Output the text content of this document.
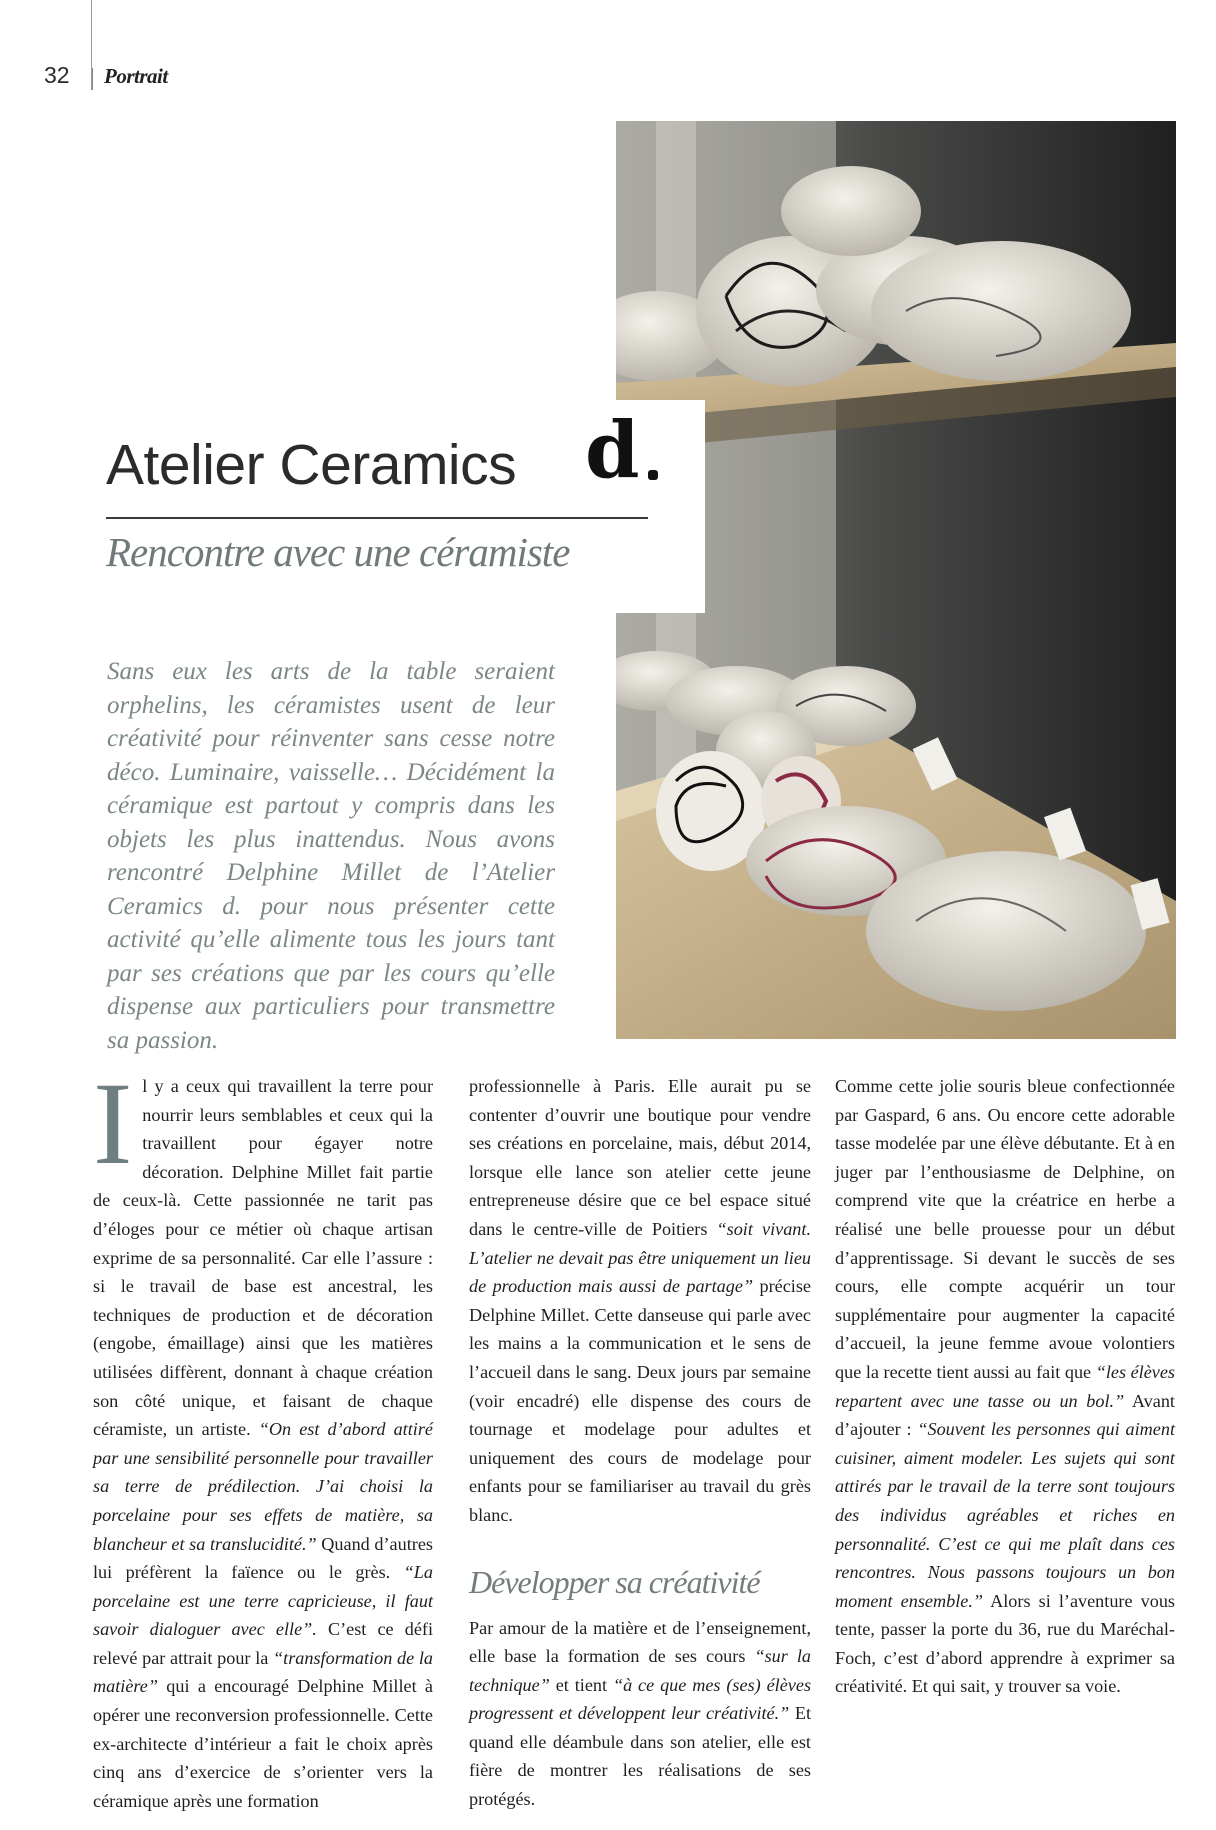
32 Portrait
Atelier Ceramics d
Rencontre avec une céramiste

Sans eux les arts de la table seraient orphelins, les céramistes usent de leur créativité pour réinventer sans cesse notre déco. Luminaire, vaisselle… Décidément la céramique est partout y compris dans les objets les plus inattendus. Nous avons rencontré Delphine Millet de l’Atelier Ceramics d. pour nous présenter cette activité qu’elle alimente tous les jours tant par ses créations que par les cours qu’elle dispense aux particuliers pour transmettre sa passion.

Il y a ceux qui travaillent la terre pour nourrir leurs semblables et ceux qui la travaillent pour égayer notre décoration. Delphine Millet fait partie de ceux-là. Cette passionnée ne tarit pas d’éloges pour ce métier où chaque artisan exprime de sa personnalité. Car elle l’assure : si le travail de base est ancestral, les techniques de production et de décoration (engobe, émaillage) ainsi que les matières utilisées diffèrent, donnant à chaque création son côté unique, et faisant de chaque céramiste, un artiste. “On est d’abord attiré par une sensibilité personnelle pour travailler sa terre de prédilection. J’ai choisi la porcelaine pour ses effets de matière, sa blancheur et sa translucidité.” Quand d’autres lui préfèrent la faïence ou le grès. “La porcelaine est une terre capricieuse, il faut savoir dialoguer avec elle”. C’est ce défi relevé par attrait pour la “transformation de la matière” qui a encouragé Delphine Millet à opérer une reconversion professionnelle. Cette ex-architecte d’intérieur a fait le choix après cinq ans d’exercice de s’orienter vers la céramique après une formation

professionnelle à Paris. Elle aurait pu se contenter d’ouvrir une boutique pour vendre ses créations en porcelaine, mais, début 2014, lorsque elle lance son atelier cette jeune entrepreneuse désire que ce bel espace situé dans le centre-ville de Poitiers “soit vivant. L’atelier ne devait pas être uniquement un lieu de production mais aussi de partage” précise Delphine Millet. Cette danseuse qui parle avec les mains a la communication et le sens de l’accueil dans le sang. Deux jours par semaine (voir encadré) elle dispense des cours de tournage et modelage pour adultes et uniquement des cours de modelage pour enfants pour se familiariser au travail du grès blanc.

Développer sa créativité

Par amour de la matière et de l’enseignement, elle base la formation de ses cours “sur la technique” et tient “à ce que mes (ses) élèves progressent et développent leur créativité.” Et quand elle déambule dans son atelier, elle est fière de montrer les réalisations de ses protégés.

Comme cette jolie souris bleue confectionnée par Gaspard, 6 ans. Ou encore cette adorable tasse modelée par une élève débutante. Et à en juger par l’enthousiasme de Delphine, on comprend vite que la créatrice en herbe a réalisé une belle prouesse pour un début d’apprentissage. Si devant le succès de ses cours, elle compte acquérir un tour supplémentaire pour augmenter la capacité d’accueil, la jeune femme avoue volontiers que la recette tient aussi au fait que “les élèves repartent avec une tasse ou un bol.” Avant d’ajouter : “Souvent les personnes qui aiment cuisiner, aiment modeler. Les sujets qui sont attirés par le travail de la terre sont toujours des individus agréables et riches en personnalité. C’est ce qui me plaît dans ces rencontres. Nous passons toujours un bon moment ensemble.” Alors si l’aventure vous tente, passer la porte du 36, rue du Maréchal-Foch, c’est d’abord apprendre à exprimer sa créativité. Et qui sait, y trouver sa voie.
